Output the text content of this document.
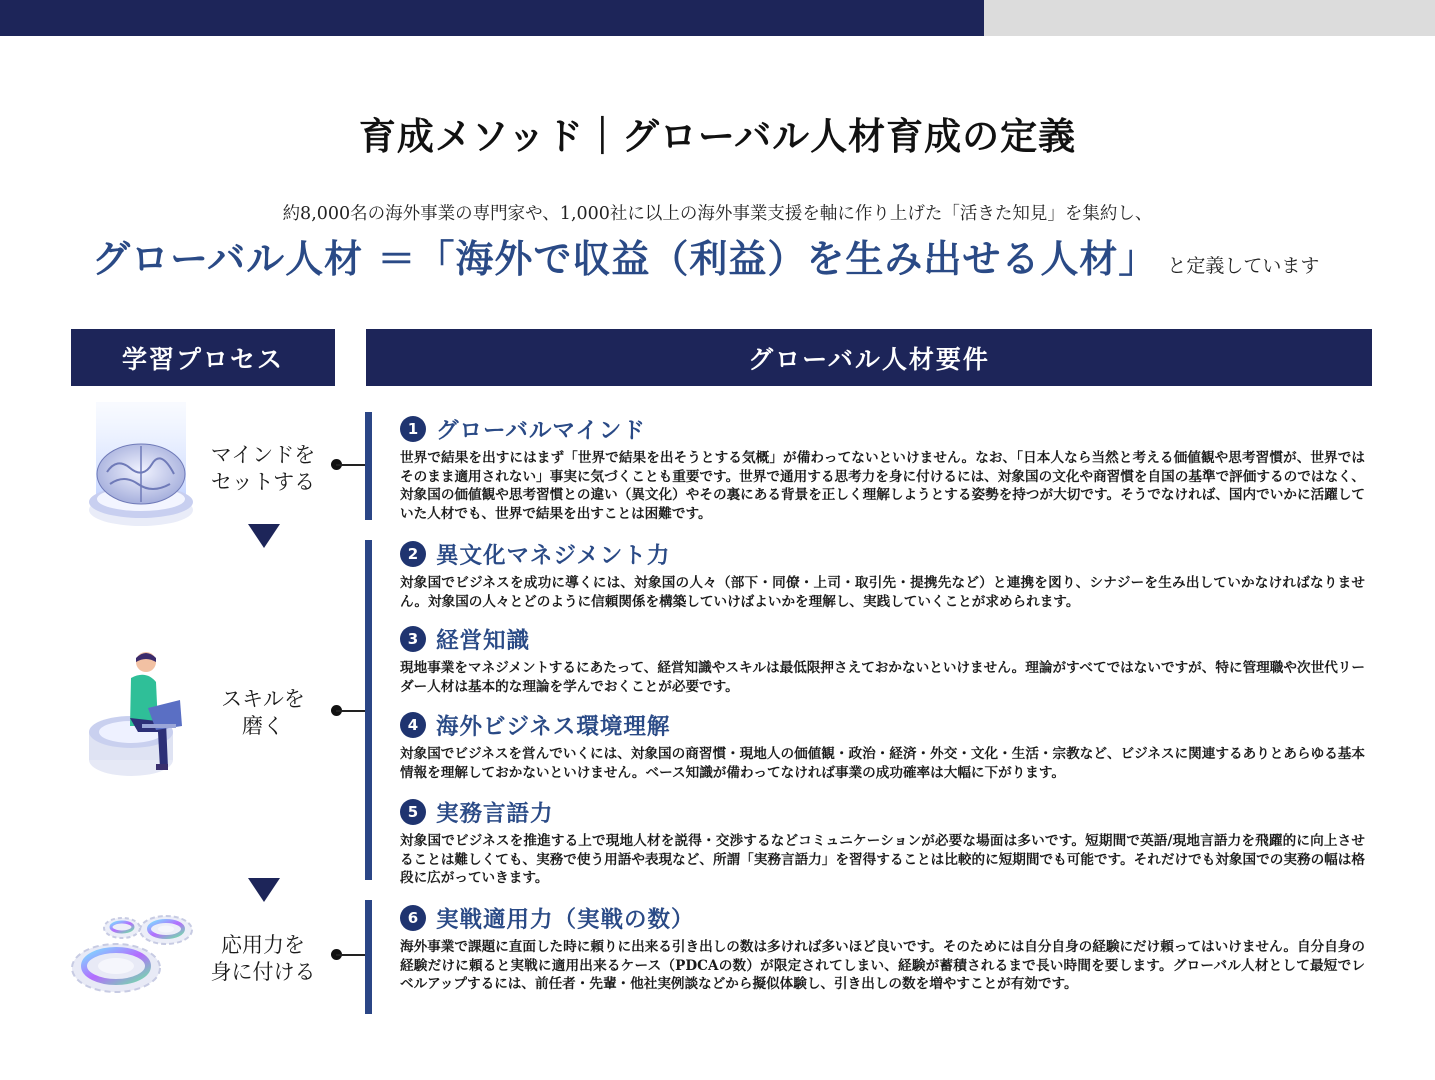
育成メソッド｜グローバル人材育成の定義
約8,000名の海外事業の専門家や、1,000社に以上の海外事業支援を軸に作り上げた「活きた知見」を集約し、
グローバル人材 ＝「海外で収益（利益）を生み出せる人材」 と定義しています
学習プロセス	グローバル人材要件
マインドを
セットする
スキルを
磨く
応用力を
身に付ける
1 グローバルマインド
世界で結果を出すにはまず「世界で結果を出そうとする気概」が備わってないといけません。なお、「日本人なら当然と考える価値観や思考習慣が、世界ではそのまま適用されない」事実に気づくことも重要です。世界で通用する思考力を身に付けるには、対象国の文化や商習慣を自国の基準で評価するのではなく、対象国の価値観や思考習慣との違い（異文化）やその裏にある背景を正しく理解しようとする姿勢を持つが大切です。そうでなければ、国内でいかに活躍していた人材でも、世界で結果を出すことは困難です。
2 異文化マネジメント力
対象国でビジネスを成功に導くには、対象国の人々（部下・同僚・上司・取引先・提携先など）と連携を図り、シナジーを生み出していかなければなりません。対象国の人々とどのように信頼関係を構築していけばよいかを理解し、実践していくことが求められます。
3 経営知識
現地事業をマネジメントするにあたって、経営知識やスキルは最低限押さえておかないといけません。理論がすべてではないですが、特に管理職や次世代リーダー人材は基本的な理論を学んでおくことが必要です。
4 海外ビジネス環境理解
対象国でビジネスを営んでいくには、対象国の商習慣・現地人の価値観・政治・経済・外交・文化・生活・宗教など、ビジネスに関連するありとあらゆる基本情報を理解しておかないといけません。ベース知識が備わってなければ事業の成功確率は大幅に下がります。
5 実務言語力
対象国でビジネスを推進する上で現地人材を説得・交渉するなどコミュニケーションが必要な場面は多いです。短期間で英語/現地言語力を飛躍的に向上させることは難しくても、実務で使う用語や表現など、所謂「実務言語力」を習得することは比較的に短期間でも可能です。それだけでも対象国での実務の幅は格段に広がっていきます。
6 実戦適用力（実戦の数）
海外事業で課題に直面した時に頼りに出来る引き出しの数は多ければ多いほど良いです。そのためには自分自身の経験にだけ頼ってはいけません。自分自身の経験だけに頼ると実戦に適用出来るケース（PDCAの数）が限定されてしまい、経験が蓄積されるまで長い時間を要します。グローバル人材として最短でレベルアップするには、前任者・先輩・他社実例談などから擬似体験し、引き出しの数を増やすことが有効です。
